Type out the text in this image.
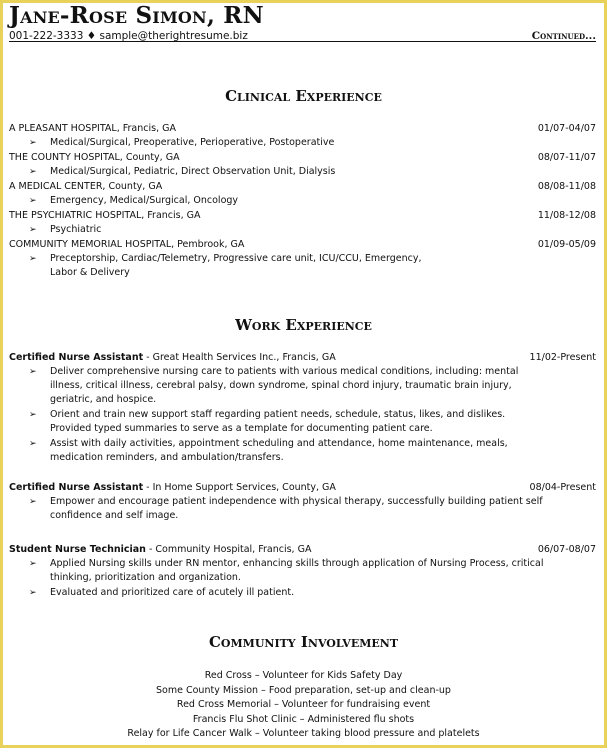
Jane-Rose Simon, RN
001-222-3333 ♦ sample@therightresume.biz	Continued...
Clinical Experience
A PLEASANT HOSPITAL, Francis, GA	01/07-04/07
➢ Medical/Surgical, Preoperative, Perioperative, Postoperative
THE COUNTY HOSPITAL, County, GA	08/07-11/07
➢ Medical/Surgical, Pediatric, Direct Observation Unit, Dialysis
A MEDICAL CENTER, County, GA	08/08-11/08
➢ Emergency, Medical/Surgical, Oncology
THE PSYCHIATRIC HOSPITAL, Francis, GA	11/08-12/08
➢ Psychiatric
COMMUNITY MEMORIAL HOSPITAL, Pembrook, GA	01/09-05/09
➢ Preceptorship, Cardiac/Telemetry, Progressive care unit, ICU/CCU, Emergency,
Labor & Delivery
Work Experience
Certified Nurse Assistant - Great Health Services Inc., Francis, GA	11/02-Present
➢ Deliver comprehensive nursing care to patients with various medical conditions, including: mental
illness, critical illness, cerebral palsy, down syndrome, spinal chord injury, traumatic brain injury,
geriatric, and hospice.
➢ Orient and train new support staff regarding patient needs, schedule, status, likes, and dislikes.
Provided typed summaries to serve as a template for documenting patient care.
➢ Assist with daily activities, appointment scheduling and attendance, home maintenance, meals,
medication reminders, and ambulation/transfers.
Certified Nurse Assistant - In Home Support Services, County, GA	08/04-Present
➢ Empower and encourage patient independence with physical therapy, successfully building patient self
confidence and self image.
Student Nurse Technician - Community Hospital, Francis, GA	06/07-08/07
➢ Applied Nursing skills under RN mentor, enhancing skills through application of Nursing Process, critical
thinking, prioritization and organization.
➢ Evaluated and prioritized care of acutely ill patient.
Community Involvement
Red Cross – Volunteer for Kids Safety Day
Some County Mission – Food preparation, set-up and clean-up
Red Cross Memorial – Volunteer for fundraising event
Francis Flu Shot Clinic – Administered flu shots
Relay for Life Cancer Walk – Volunteer taking blood pressure and platelets
